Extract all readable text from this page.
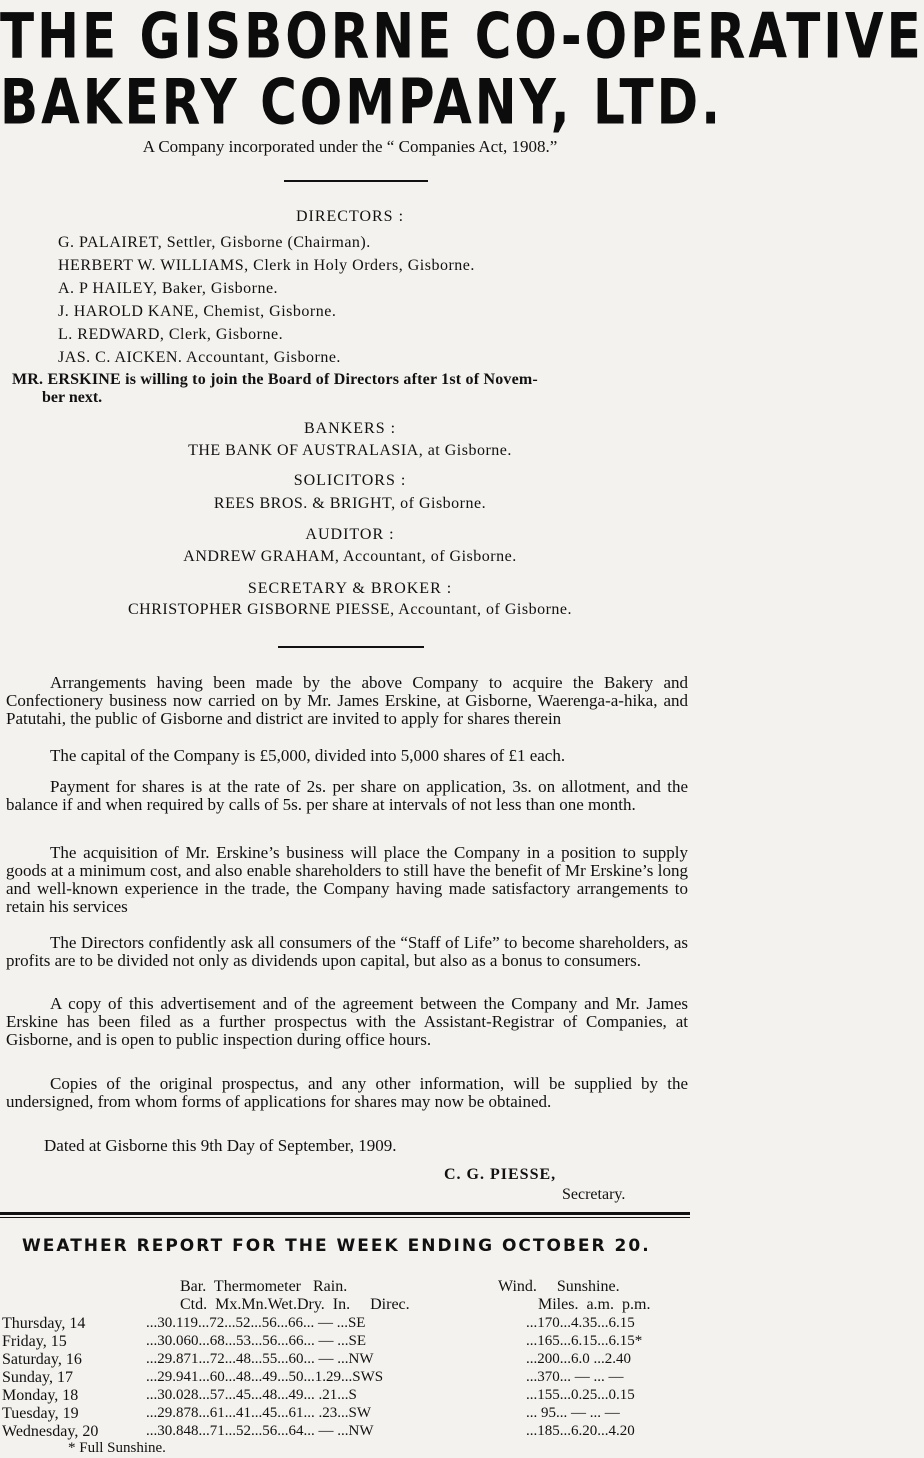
THE GISBORNE CO-OPERATIVE
BAKERY COMPANY, LTD.
A Company incorporated under the “ Companies Act, 1908.”
DIRECTORS :
G. PALAIRET, Settler, Gisborne (Chairman).
HERBERT W. WILLIAMS, Clerk in Holy Orders, Gisborne.
A. P HAILEY, Baker, Gisborne.
J. HAROLD KANE, Chemist, Gisborne.
L. REDWARD, Clerk, Gisborne.
JAS. C. AICKEN. Accountant, Gisborne.
MR. ERSKINE is willing to join the Board of Directors after 1st of Novem-
ber next.
BANKERS :
THE BANK OF AUSTRALASIA, at Gisborne.
SOLICITORS :
REES BROS. & BRIGHT, of Gisborne.
AUDITOR :
ANDREW GRAHAM, Accountant, of Gisborne.
SECRETARY & BROKER :
CHRISTOPHER GISBORNE PIESSE, Accountant, of Gisborne.
Arrangements having been made by the above Company to acquire the Bakery and Confectionery business now carried on by Mr. James Erskine, at Gisborne, Waerenga-a-hika, and Patutahi, the public of Gisborne and district are invited to apply for shares therein
The capital of the Company is £5,000, divided into 5,000 shares of £1 each.
Payment for shares is at the rate of 2s. per share on application, 3s. on allotment, and the balance if and when required by calls of 5s. per share at intervals of not less than one month.
The acquisition of Mr. Erskine’s business will place the Company in a position to supply goods at a minimum cost, and also enable shareholders to still have the benefit of Mr Erskine’s long and well-known experience in the trade, the Company having made satisfactory arrangements to retain his services
The Directors confidently ask all consumers of the “Staff of Life” to become shareholders, as profits are to be divided not only as dividends upon capital, but also as a bonus to consumers.
A copy of this advertisement and of the agreement between the Company and Mr. James Erskine has been filed as a further prospectus with the Assistant-Registrar of Companies, at Gisborne, and is open to public inspection during office hours.
Copies of the original prospectus, and any other information, will be supplied by the undersigned, from whom forms of applications for shares may now be obtained.
Dated at Gisborne this 9th Day of September, 1909.
C. G. PIESSE,
Secretary.
WEATHER REPORT FOR THE WEEK ENDING OCTOBER 20.
Bar.  Thermometer   Rain.	Wind.     Sunshine.
Ctd.  Mx.Mn.Wet.Dry.  In.     Direc.	Miles.  a.m.  p.m.
Thursday, 14	...30.119...72...52...56...66... — ...SE	...170...4.35...6.15
Friday, 15	...30.060...68...53...56...66... — ...SE	...165...6.15...6.15*
Saturday, 16	...29.871...72...48...55...60... — ...NW	...200...6.0 ...2.40
Sunday, 17	...29.941...60...48...49...50...1.29...SWS	...370... — ... —
Monday, 18	...30.028...57...45...48...49... .21...S	...155...0.25...0.15
Tuesday, 19	...29.878...61...41...45...61... .23...SW	... 95... — ... —
Wednesday, 20	...30.848...71...52...56...64... — ...NW	...185...6.20...4.20
* Full Sunshine.
